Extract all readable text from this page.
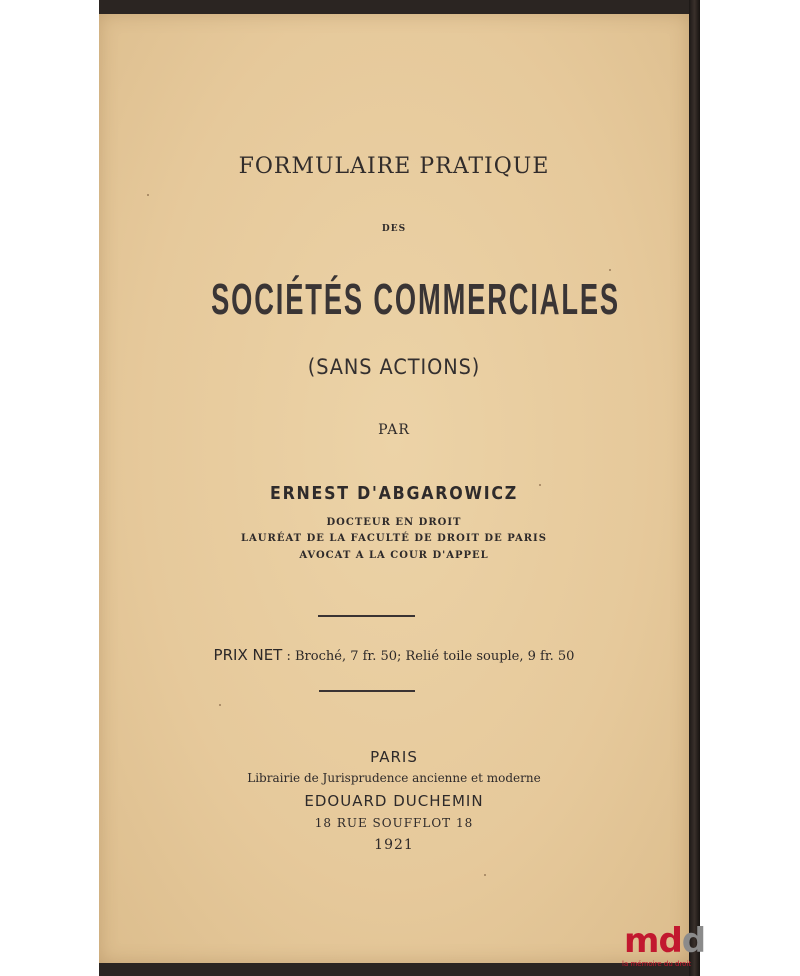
FORMULAIRE PRATIQUE
DES
SOCIÉTÉS COMMERCIALES
(SANS ACTIONS)
PAR
ERNEST D'ABGAROWICZ
DOCTEUR EN DROIT
LAURÉAT DE LA FACULTÉ DE DROIT DE PARIS
AVOCAT A LA COUR D'APPEL
PRIX NET : Broché, 7 fr. 50; Relié toile souple, 9 fr. 50
PARIS
Librairie de Jurisprudence ancienne et moderne
EDOUARD DUCHEMIN
18 RUE SOUFFLOT 18
1921
mdd
la mémoire du droit
